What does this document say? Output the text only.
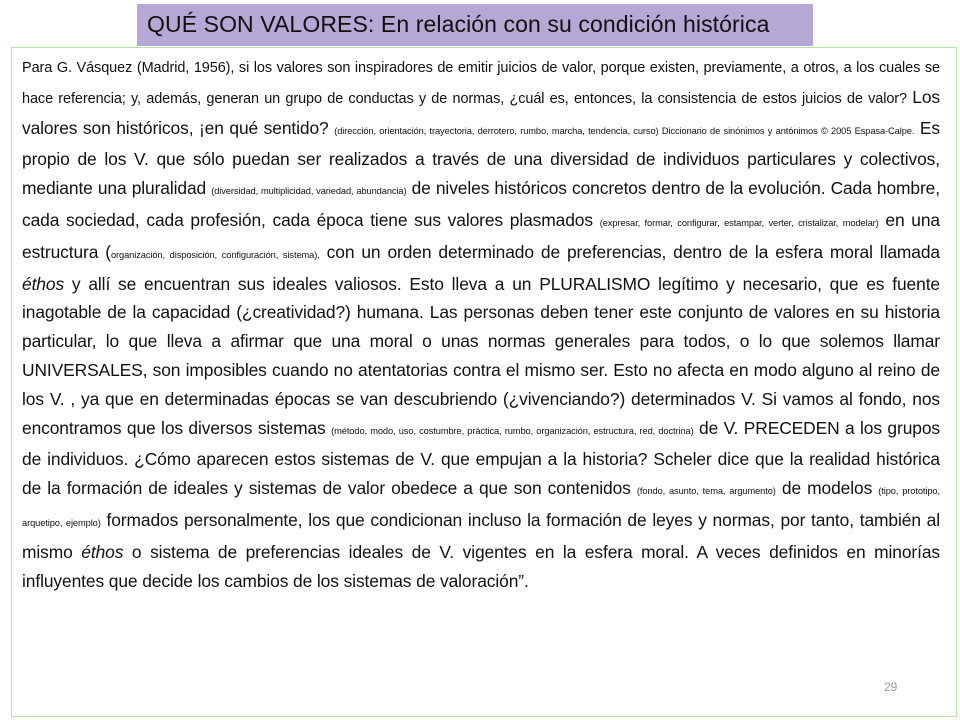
QUÉ SON VALORES: En relación con su condición histórica

Para G. Vásquez (Madrid, 1956), si los valores son inspiradores de emitir juicios de valor, porque existen, previamente, a otros, a los cuales se hace referencia; y, además, generan un grupo de conductas y de normas, ¿cuál es, entonces, la consistencia de estos juicios de valor? Los valores son históricos, ¡en qué sentido? (dirección, orientación, trayectoria, derrotero, rumbo, marcha, tendencia, curso) Diccionario de sinónimos y antónimos © 2005 Espasa-Calpe. Es propio de los V. que sólo puedan ser realizados a través de una diversidad de individuos particulares y colectivos, mediante una pluralidad (diversidad, multiplicidad, variedad, abundancia) de niveles históricos concretos dentro de la evolución. Cada hombre, cada sociedad, cada profesión, cada época tiene sus valores plasmados (expresar, formar, configurar, estampar, verter, cristalizar, modelar) en una estructura (organización, disposición, configuración, sistema), con un orden determinado de preferencias, dentro de la esfera moral llamada éthos y allí se encuentran sus ideales valiosos. Esto lleva a un PLURALISMO legítimo y necesario, que es fuente inagotable de la capacidad (¿creatividad?) humana. Las personas deben tener este conjunto de valores en su historia particular, lo que lleva a afirmar que una moral o unas normas generales para todos, o lo que solemos llamar UNIVERSALES, son imposibles cuando no atentatorias contra el mismo ser. Esto no afecta en modo alguno al reino de los V. , ya que en determinadas épocas se van descubriendo (¿vivenciando?) determinados V. Si vamos al fondo, nos encontramos que los diversos sistemas (método, modo, uso, costumbre, práctica, rumbo, organización, estructura, red, doctrina) de V. PRECEDEN a los grupos de individuos. ¿Cómo aparecen estos sistemas de V. que empujan a la historia? Scheler dice que la realidad histórica de la formación de ideales y sistemas de valor obedece a que son contenidos (fondo, asunto, tema, argumento) de modelos (tipo, prototipo, arquetipo, ejemplo) formados personalmente, los que condicionan incluso la formación de leyes y normas, por tanto, también al mismo éthos o sistema de preferencias ideales de V. vigentes en la esfera moral. A veces definidos en minorías influyentes que decide los cambios de los sistemas de valoración”.

29
